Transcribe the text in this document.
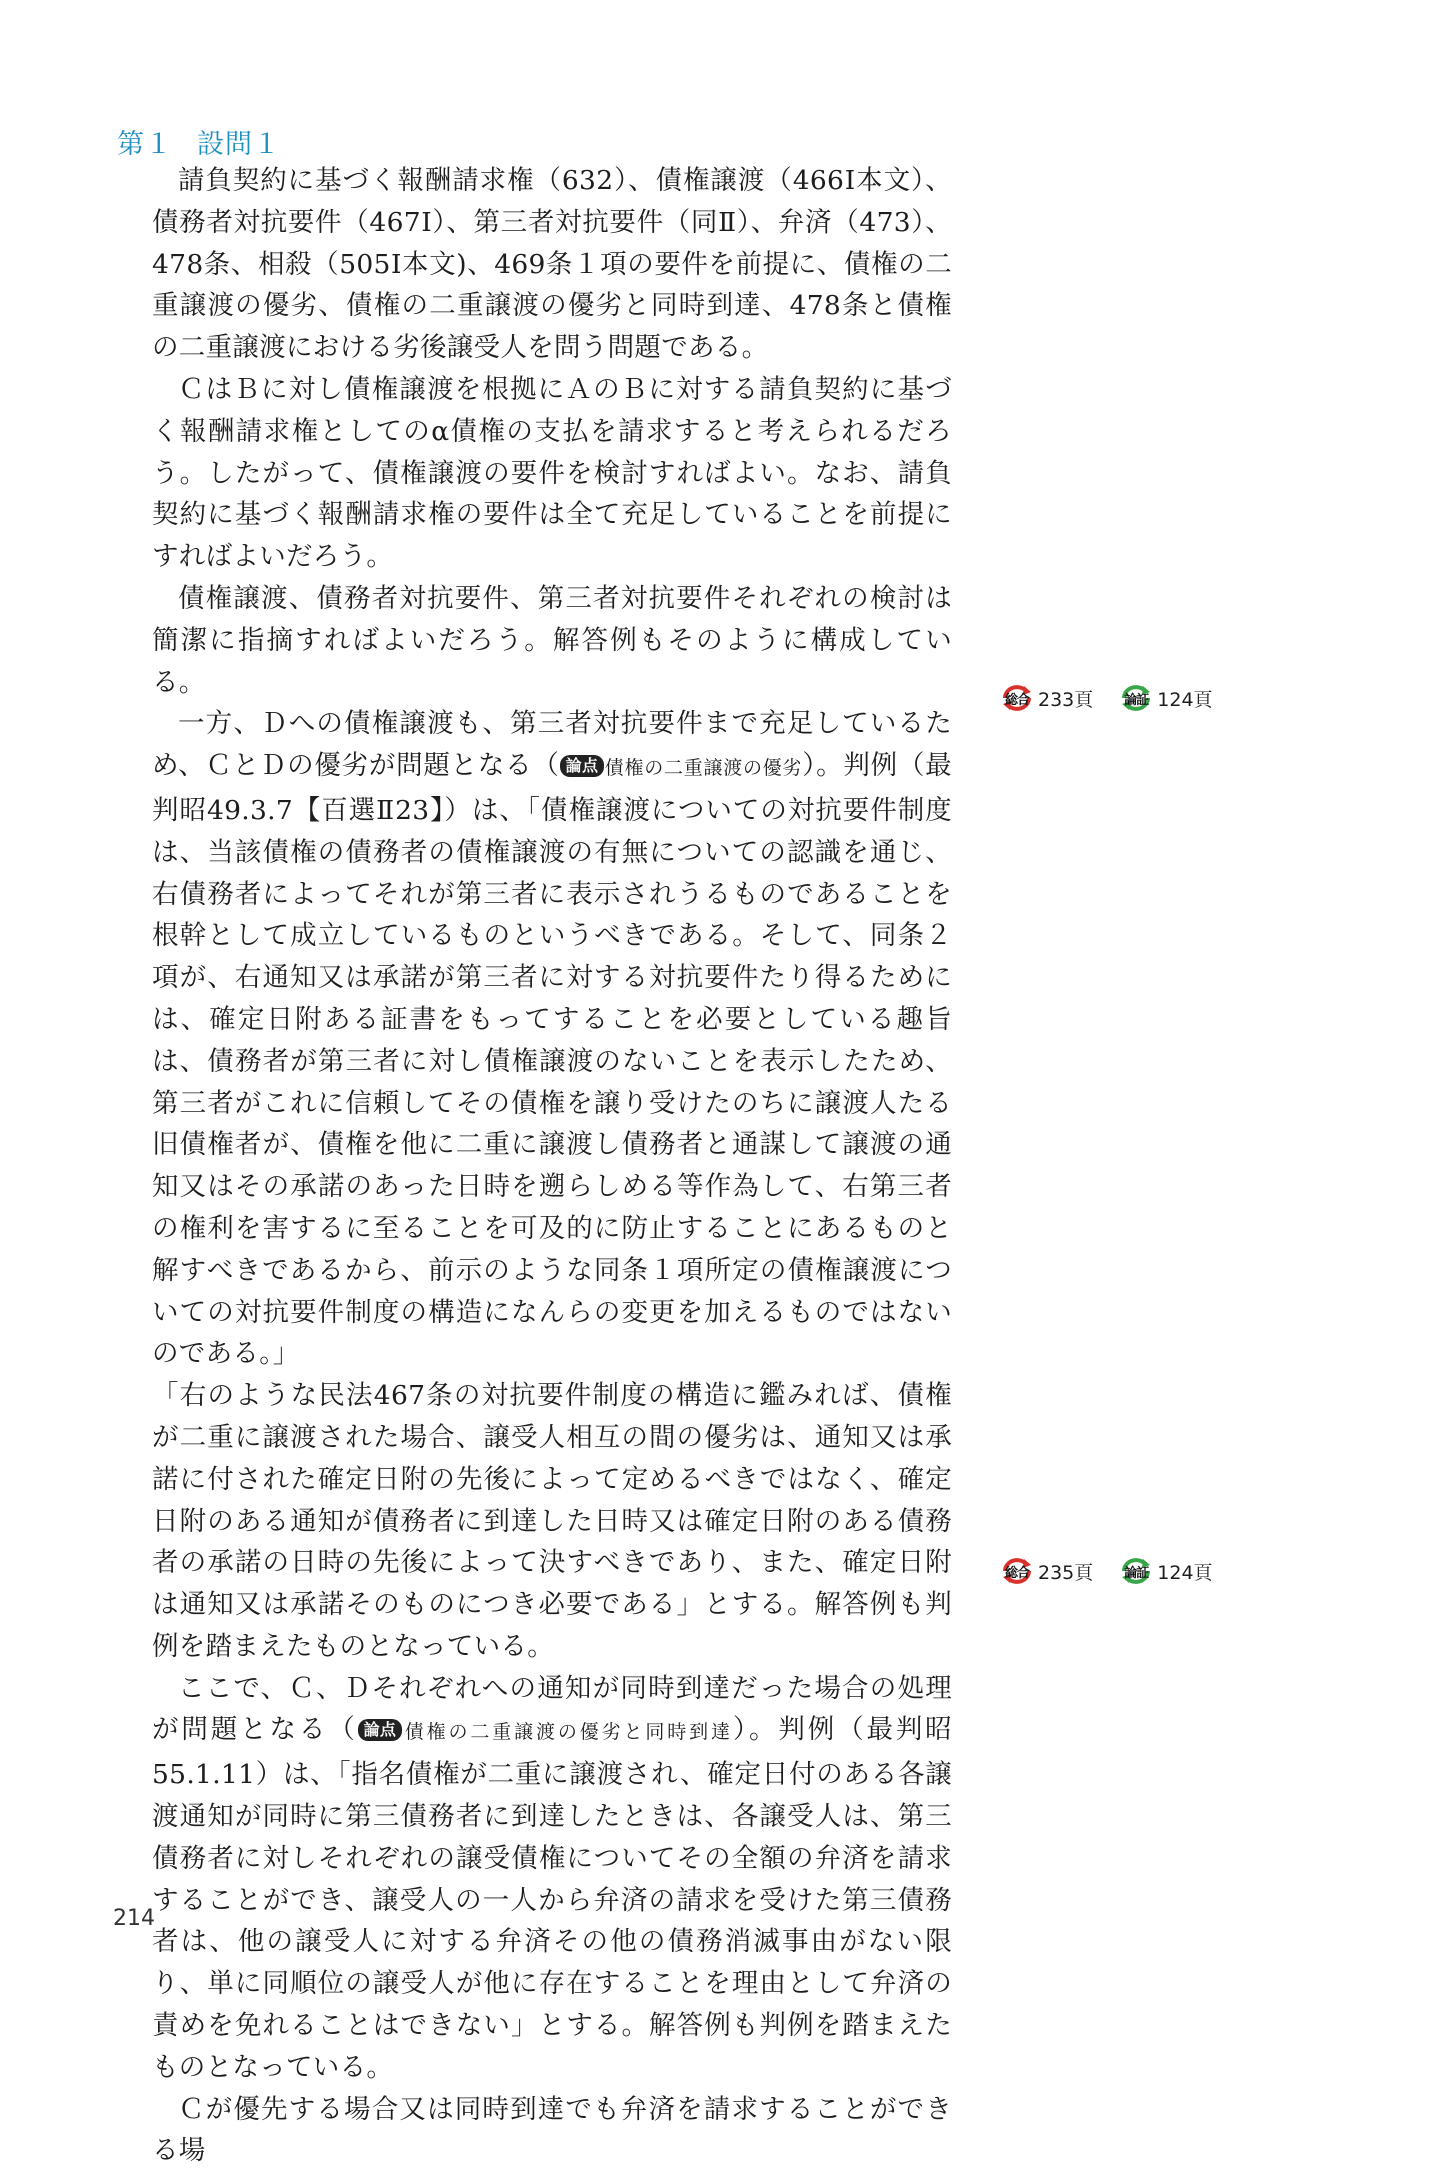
第１ 設問１

請負契約に基づく報酬請求権（632）、債権譲渡（466Ⅰ本文）、債務者対抗要件（467Ⅰ）、第三者対抗要件（同Ⅱ）、弁済（473）、478条、相殺（505Ⅰ本文)、469条１項の要件を前提に、債権の二重譲渡の優劣、債権の二重譲渡の優劣と同時到達、478条と債権の二重譲渡における劣後譲受人を問う問題である。

ＣはＢに対し債権譲渡を根拠にＡのＢに対する請負契約に基づく報酬請求権としてのα債権の支払を請求すると考えられるだろう。したがって、債権譲渡の要件を検討すればよい。なお、請負契約に基づく報酬請求権の要件は全て充足していることを前提にすればよいだろう。

債権譲渡、債務者対抗要件、第三者対抗要件それぞれの検討は簡潔に指摘すればよいだろう。解答例もそのように構成している。

一方、Ｄへの債権譲渡も、第三者対抗要件まで充足しているため、ＣとＤの優劣が問題となる（ 論点 債権の二重譲渡の優劣）。判例（最判昭49.3.7【百選Ⅱ23】）は、「債権譲渡についての対抗要件制度は、当該債権の債務者の債権譲渡の有無についての認識を通じ、右債務者によってそれが第三者に表示されうるものであることを根幹として成立しているものというべきである。そして、同条２項が、右通知又は承諾が第三者に対する対抗要件たり得るためには、確定日附ある証書をもってすることを必要としている趣旨は、債務者が第三者に対し債権譲渡のないことを表示したため、第三者がこれに信頼してその債権を譲り受けたのちに譲渡人たる旧債権者が、債権を他に二重に譲渡し債務者と通謀して譲渡の通知又はその承諾のあった日時を遡らしめる等作為して、右第三者の権利を害するに至ることを可及的に防止することにあるものと解すべきであるから、前示のような同条１項所定の債権譲渡についての対抗要件制度の構造になんらの変更を加えるものではないのである。」

「右のような民法467条の対抗要件制度の構造に鑑みれば、債権が二重に譲渡された場合、譲受人相互の間の優劣は、通知又は承諾に付された確定日附の先後によって定めるべきではなく、確定日附のある通知が債務者に到達した日時又は確定日附のある債務者の承諾の日時の先後によって決すべきであり、また、確定日附は通知又は承諾そのものにつき必要である」とする。解答例も判例を踏まえたものとなっている。

ここで、Ｃ、Ｄそれぞれへの通知が同時到達だった場合の処理が問題となる（ 論点 債権の二重譲渡の優劣と同時到達）。判例（最判昭55.1.11）は、「指名債権が二重に譲渡され、確定日付のある各譲渡通知が同時に第三債務者に到達したときは、各譲受人は、第三債務者に対しそれぞれの譲受債権についてその全額の弁済を請求することができ、譲受人の一人から弁済の請求を受けた第三債務者は、他の譲受人に対する弁済その他の債務消滅事由がない限り、単に同順位の譲受人が他に存在することを理由として弁済の責めを免れることはできない」とする。解答例も判例を踏まえたものとなっている。

Ｃが優先する場合又は同時到達でも弁済を請求することができる場

総合 233頁	論証 124頁
総合 235頁	論証 124頁
214
